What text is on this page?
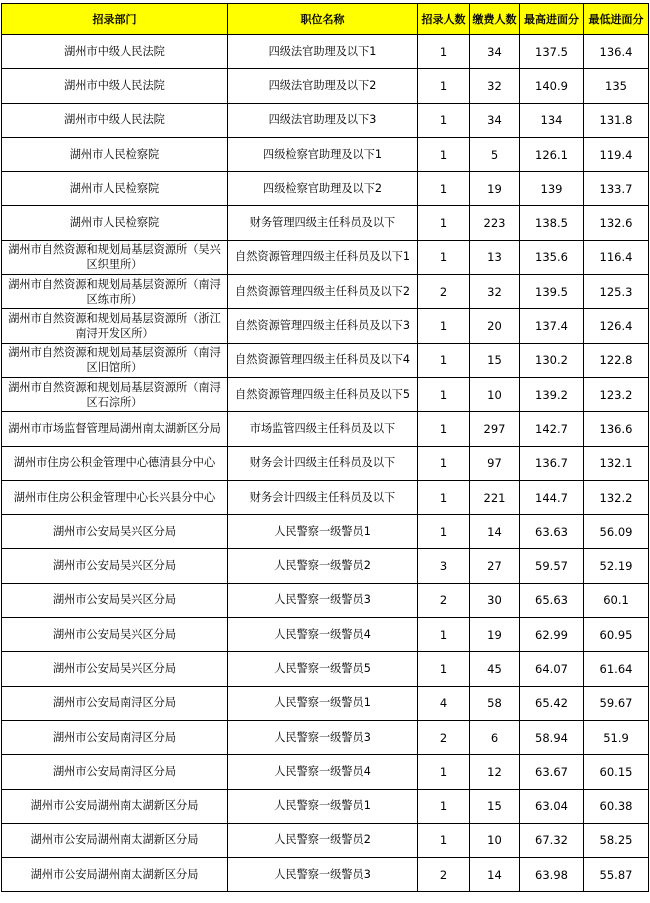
招录部门	职位名称	招录人数	缴费人数	最高进面分	最低进面分
湖州市中级人民法院	四级法官助理及以下1	1	34	137.5	136.4
湖州市中级人民法院	四级法官助理及以下2	1	32	140.9	135
湖州市中级人民法院	四级法官助理及以下3	1	34	134	131.8
湖州市人民检察院	四级检察官助理及以下1	1	5	126.1	119.4
湖州市人民检察院	四级检察官助理及以下2	1	19	139	133.7
湖州市人民检察院	财务管理四级主任科员及以下	1	223	138.5	132.6
湖州市自然资源和规划局基层资源所（吴兴区织里所）	自然资源管理四级主任科员及以下1	1	13	135.6	116.4
湖州市自然资源和规划局基层资源所（南浔区练市所）	自然资源管理四级主任科员及以下2	2	32	139.5	125.3
湖州市自然资源和规划局基层资源所（浙江南浔开发区所）	自然资源管理四级主任科员及以下3	1	20	137.4	126.4
湖州市自然资源和规划局基层资源所（南浔区旧馆所）	自然资源管理四级主任科员及以下4	1	15	130.2	122.8
湖州市自然资源和规划局基层资源所（南浔区石淙所）	自然资源管理四级主任科员及以下5	1	10	139.2	123.2
湖州市市场监督管理局湖州南太湖新区分局	市场监管四级主任科员及以下	1	297	142.7	136.6
湖州市住房公积金管理中心德清县分中心	财务会计四级主任科员及以下	1	97	136.7	132.1
湖州市住房公积金管理中心长兴县分中心	财务会计四级主任科员及以下	1	221	144.7	132.2
湖州市公安局吴兴区分局	人民警察一级警员1	1	14	63.63	56.09
湖州市公安局吴兴区分局	人民警察一级警员2	3	27	59.57	52.19
湖州市公安局吴兴区分局	人民警察一级警员3	2	30	65.63	60.1
湖州市公安局吴兴区分局	人民警察一级警员4	1	19	62.99	60.95
湖州市公安局吴兴区分局	人民警察一级警员5	1	45	64.07	61.64
湖州市公安局南浔区分局	人民警察一级警员1	4	58	65.42	59.67
湖州市公安局南浔区分局	人民警察一级警员3	2	6	58.94	51.9
湖州市公安局南浔区分局	人民警察一级警员4	1	12	63.67	60.15
湖州市公安局湖州南太湖新区分局	人民警察一级警员1	1	15	63.04	60.38
湖州市公安局湖州南太湖新区分局	人民警察一级警员2	1	10	67.32	58.25
湖州市公安局湖州南太湖新区分局	人民警察一级警员3	2	14	63.98	55.87
